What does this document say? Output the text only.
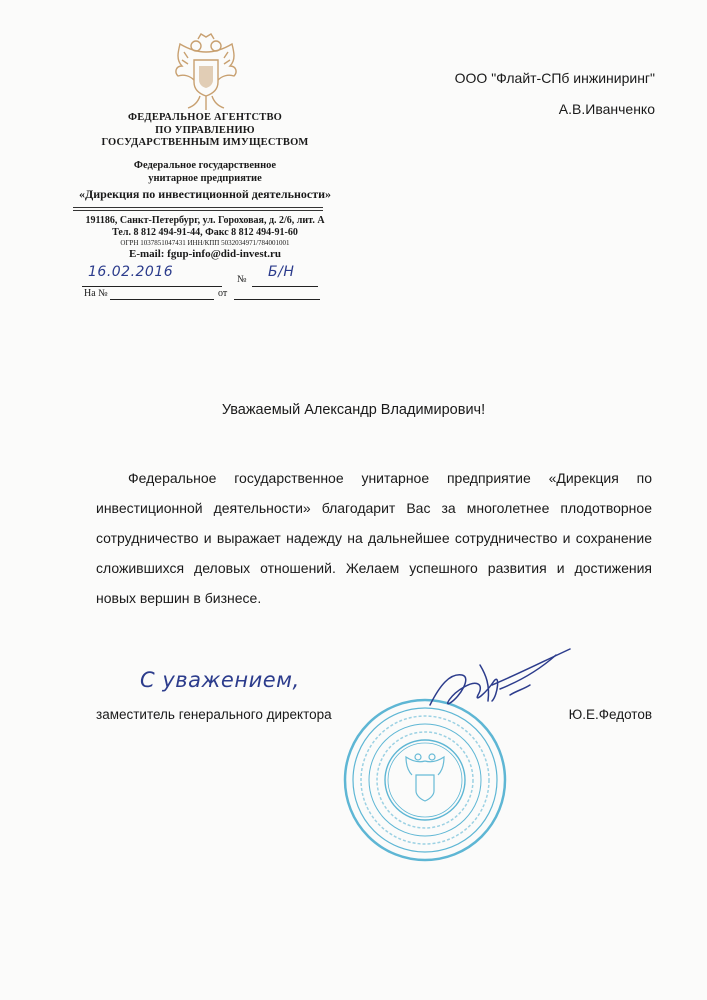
ФЕДЕРАЛЬНОЕ АГЕНТСТВО
ПО УПРАВЛЕНИЮ
ГОСУДАРСТВЕННЫМ ИМУЩЕСТВОМ
Федеральное государственное
унитарное предприятие
«Дирекция по инвестиционной деятельности»
191186, Санкт-Петербург, ул. Гороховая, д. 2/6, лит. А
Тел. 8 812 494-91-44, Факс 8 812 494-91-60
ОГРН 1037851047431 ИНН/КПП 5032034971/784001001
E-mail: fgup-info@did-invest.ru
16.02.2016	№ Б/Н
На №	от
ООО "Флайт-СПб инжиниринг"
А.В.Иванченко
Уважаемый Александр Владимирович!
Федеральное государственное унитарное предприятие «Дирекция по инвестиционной деятельности» благодарит Вас за многолетнее плодотворное сотрудничество и выражает надежду на дальнейшее сотрудничество и сохранение сложившихся деловых отношений. Желаем успешного развития и достижения новых вершин в бизнесе.
С уважением,
заместитель генерального директора	Ю.Е.Федотов
